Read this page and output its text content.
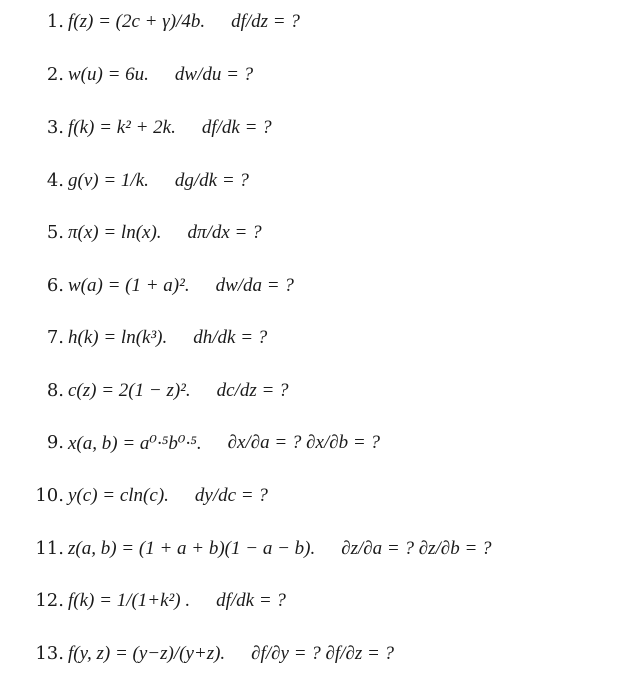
1. f(z) = (2c + γ)/4b. df/dz = ?
2. w(u) = 6u. dw/du = ?
3. f(k) = k² + 2k. df/dk = ?
4. g(v) = 1/k. dg/dk = ?
5. π(x) = ln(x). dπ/dx = ?
6. w(a) = (1 + a)². dw/da = ?
7. h(k) = ln(k³). dh/dk = ?
8. c(z) = 2(1 − z)². dc/dz = ?
9. x(a, b) = a⁰·⁵b⁰·⁵. ∂x/∂a = ? ∂x/∂b = ?
10. y(c) = cln(c). dy/dc = ?
11. z(a, b) = (1 + a + b)(1 − a − b). ∂z/∂a = ? ∂z/∂b = ?
12. f(k) = 1/(1+k²) . df/dk = ?
13. f(y, z) = (y−z)/(y+z). ∂f/∂y = ? ∂f/∂z = ?
